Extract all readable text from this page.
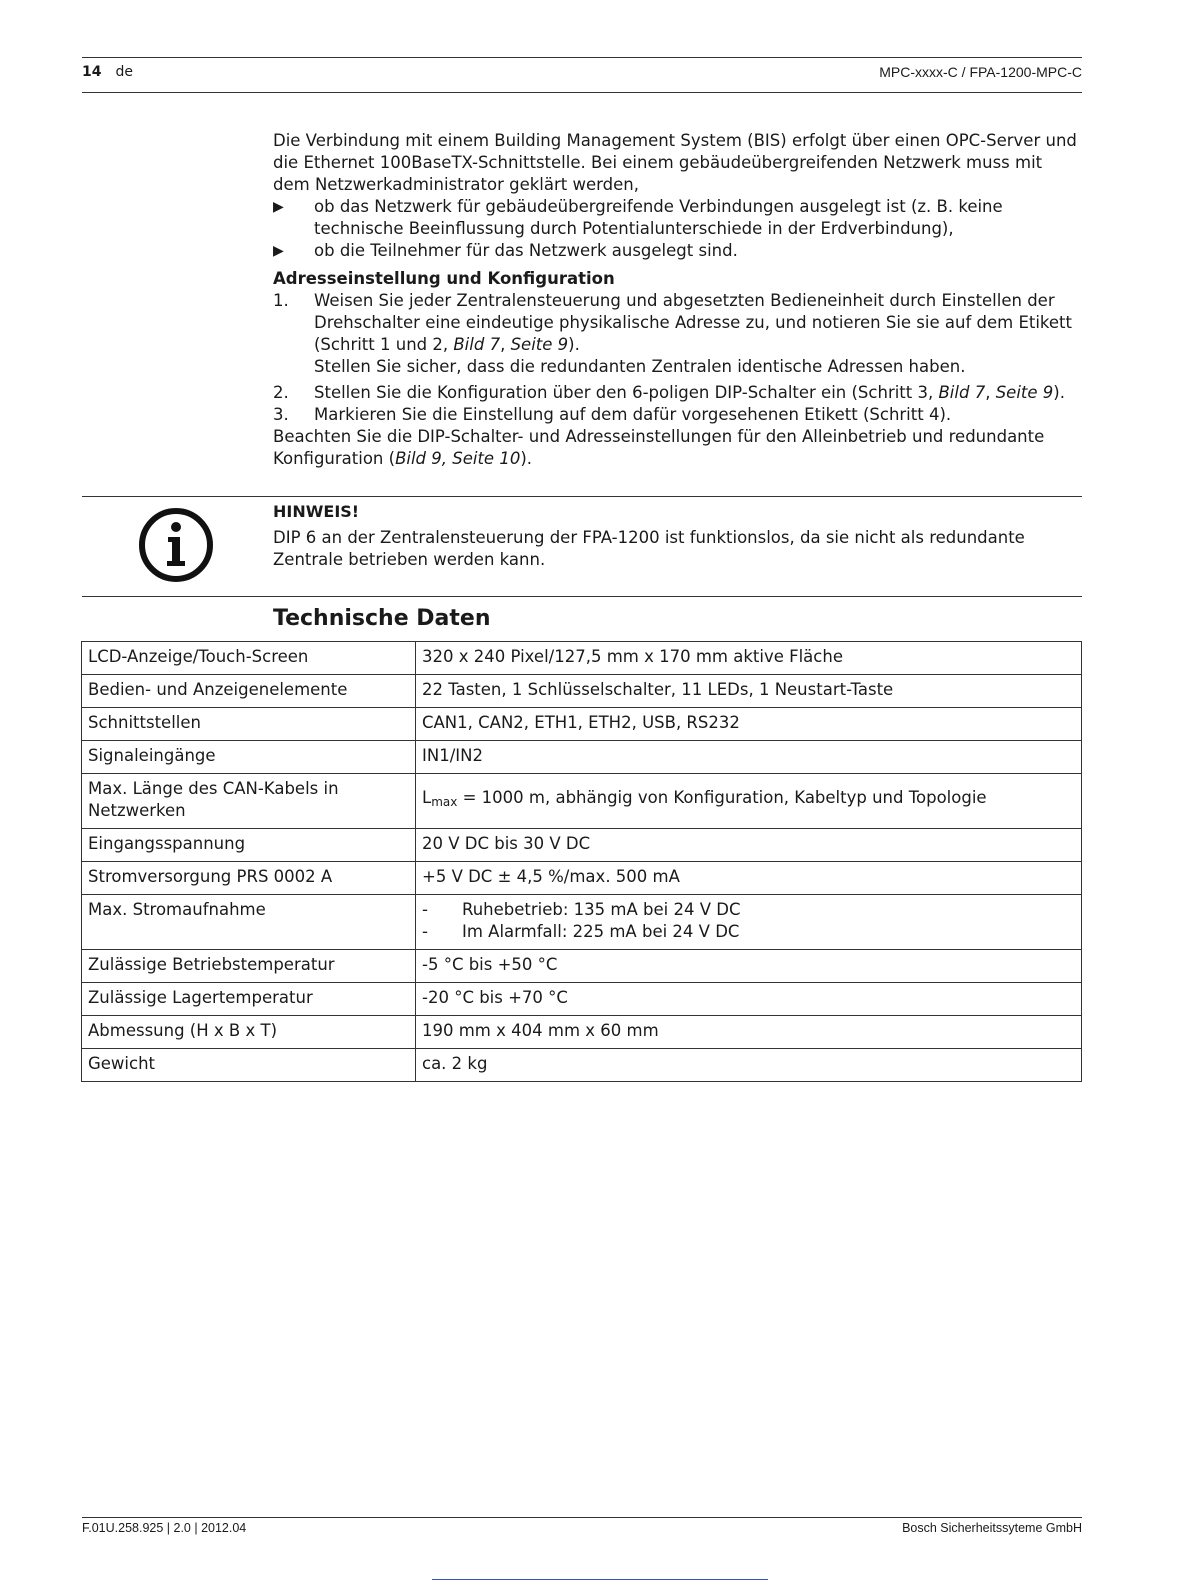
14 de	MPC-xxxx-C / FPA-1200-MPC-C

Die Verbindung mit einem Building Management System (BIS) erfolgt über einen OPC-Server und die Ethernet 100BaseTX-Schnittstelle. Bei einem gebäudeübergreifenden Netzwerk muss mit dem Netzwerkadministrator geklärt werden,

▶ ob das Netzwerk für gebäudeübergreifende Verbindungen ausgelegt ist (z. B. keine technische Beeinflussung durch Potentialunterschiede in der Erdverbindung),

▶ ob die Teilnehmer für das Netzwerk ausgelegt sind.

Adresseinstellung und Konfiguration

1. Weisen Sie jeder Zentralensteuerung und abgesetzten Bedieneinheit durch Einstellen der Drehschalter eine eindeutige physikalische Adresse zu, und notieren Sie sie auf dem Etikett (Schritt 1 und 2, Bild 7, Seite 9).
Stellen Sie sicher, dass die redundanten Zentralen identische Adressen haben.

2. Stellen Sie die Konfiguration über den 6-poligen DIP-Schalter ein (Schritt 3, Bild 7, Seite 9).

3. Markieren Sie die Einstellung auf dem dafür vorgesehenen Etikett (Schritt 4).

Beachten Sie die DIP-Schalter- und Adresseinstellungen für den Alleinbetrieb und redundante Konfiguration (Bild 9, Seite 10).

HINWEIS!
DIP 6 an der Zentralensteuerung der FPA-1200 ist funktionslos, da sie nicht als redundante Zentrale betrieben werden kann.
Technische Daten
LCD-Anzeige/Touch-Screen	320 x 240 Pixel/127,5 mm x 170 mm aktive Fläche
Bedien- und Anzeigenelemente	22 Tasten, 1 Schlüsselschalter, 11 LEDs, 1 Neustart-Taste
Schnittstellen	CAN1, CAN2, ETH1, ETH2, USB, RS232
Signaleingänge	IN1/IN2
Max. Länge des CAN-Kabels in Netzwerken	$L_{max} = 1000$ m, abhängig von Konfiguration, Kabeltyp und Topologie
Eingangsspannung	20 V DC bis 30 V DC
Stromversorgung PRS 0002 A	+5 V DC ± 4,5 %/max. 500 mA
Max. Stromaufnahme	- Ruhebetrieb: 135 mA bei 24 V DC
- Im Alarmfall: 225 mA bei 24 V DC

Zulässige Betriebstemperatur	-5 °C bis +50 °C
Zulässige Lagertemperatur	-20 °C bis +70 °C
Abmessung (H x B x T)	190 mm x 404 mm x 60 mm
Gewicht	ca. 2 kg
F.01U.258.925 | 2.0 | 2012.04	Bosch Sicherheitssyteme GmbH
